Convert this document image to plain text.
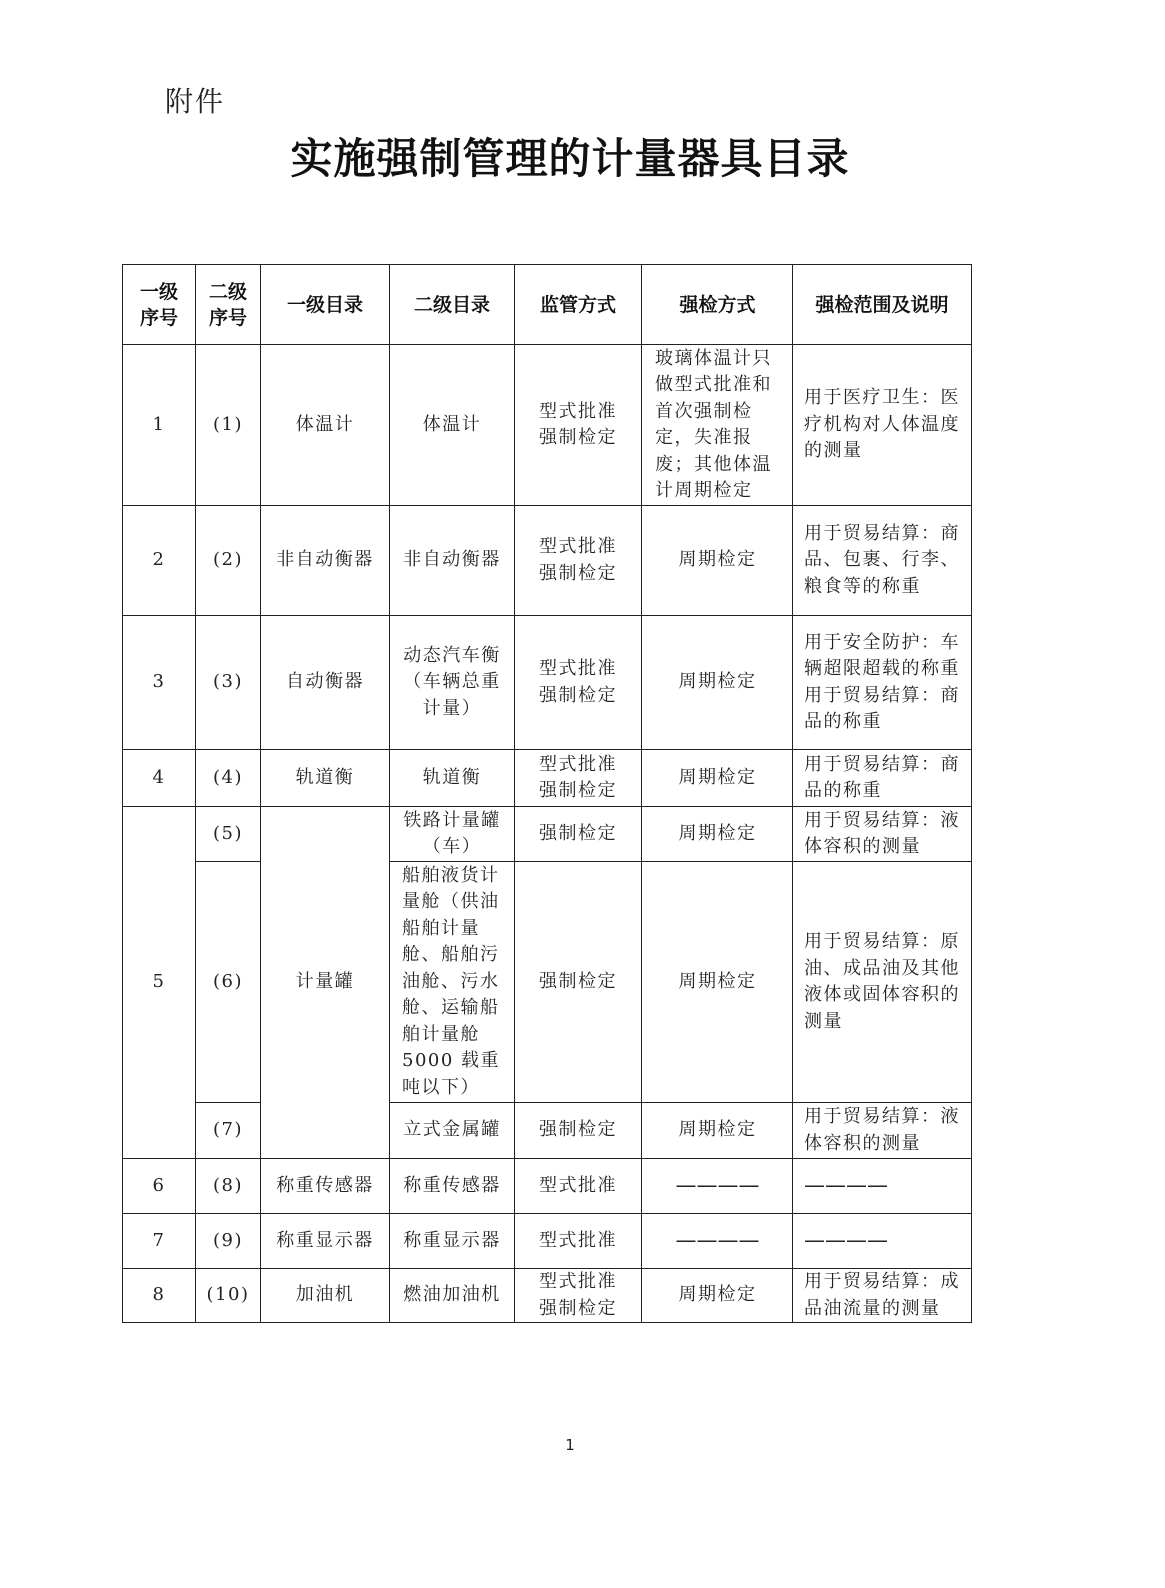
附件
实施强制管理的计量器具目录
一级序号	二级序号	一级目录	二级目录	监管方式	强检方式	强检范围及说明
1	(1)	体温计	体温计	型式批准强制检定	玻璃体温计只做型式批准和首次强制检定，失准报废；其他体温计周期检定	用于医疗卫生：医疗机构对人体温度的测量

2	(2)	非自动衡器	非自动衡器	型式批准强制检定	周期检定	用于贸易结算：商品、包裹、行李、粮食等的称重

3	(3)	自动衡器	动态汽车衡（车辆总重计量）	型式批准强制检定	周期检定	用于安全防护：车辆超限超载的称重
用于贸易结算：商品的称重

4	(4)	轨道衡	轨道衡	型式批准强制检定	周期检定	用于贸易结算：商品的称重

5	(5)	计量罐	铁路计量罐（车）	强制检定	周期检定	用于贸易结算：液体容积的测量

	(6)		船舶液货计量舱（供油船舶计量舱、船舶污油舱、污水舱、运输船舶计量舱5000 载重吨以下）	强制检定	周期检定	用于贸易结算：原油、成品油及其他液体或固体容积的测量

	(7)		立式金属罐	强制检定	周期检定	用于贸易结算：液体容积的测量

6	(8)	称重传感器	称重传感器	型式批准	————	————
7	(9)	称重显示器	称重显示器	型式批准	————	————
8	(10)	加油机	燃油加油机	型式批准强制检定	周期检定	用于贸易结算：成品油流量的测量
1
